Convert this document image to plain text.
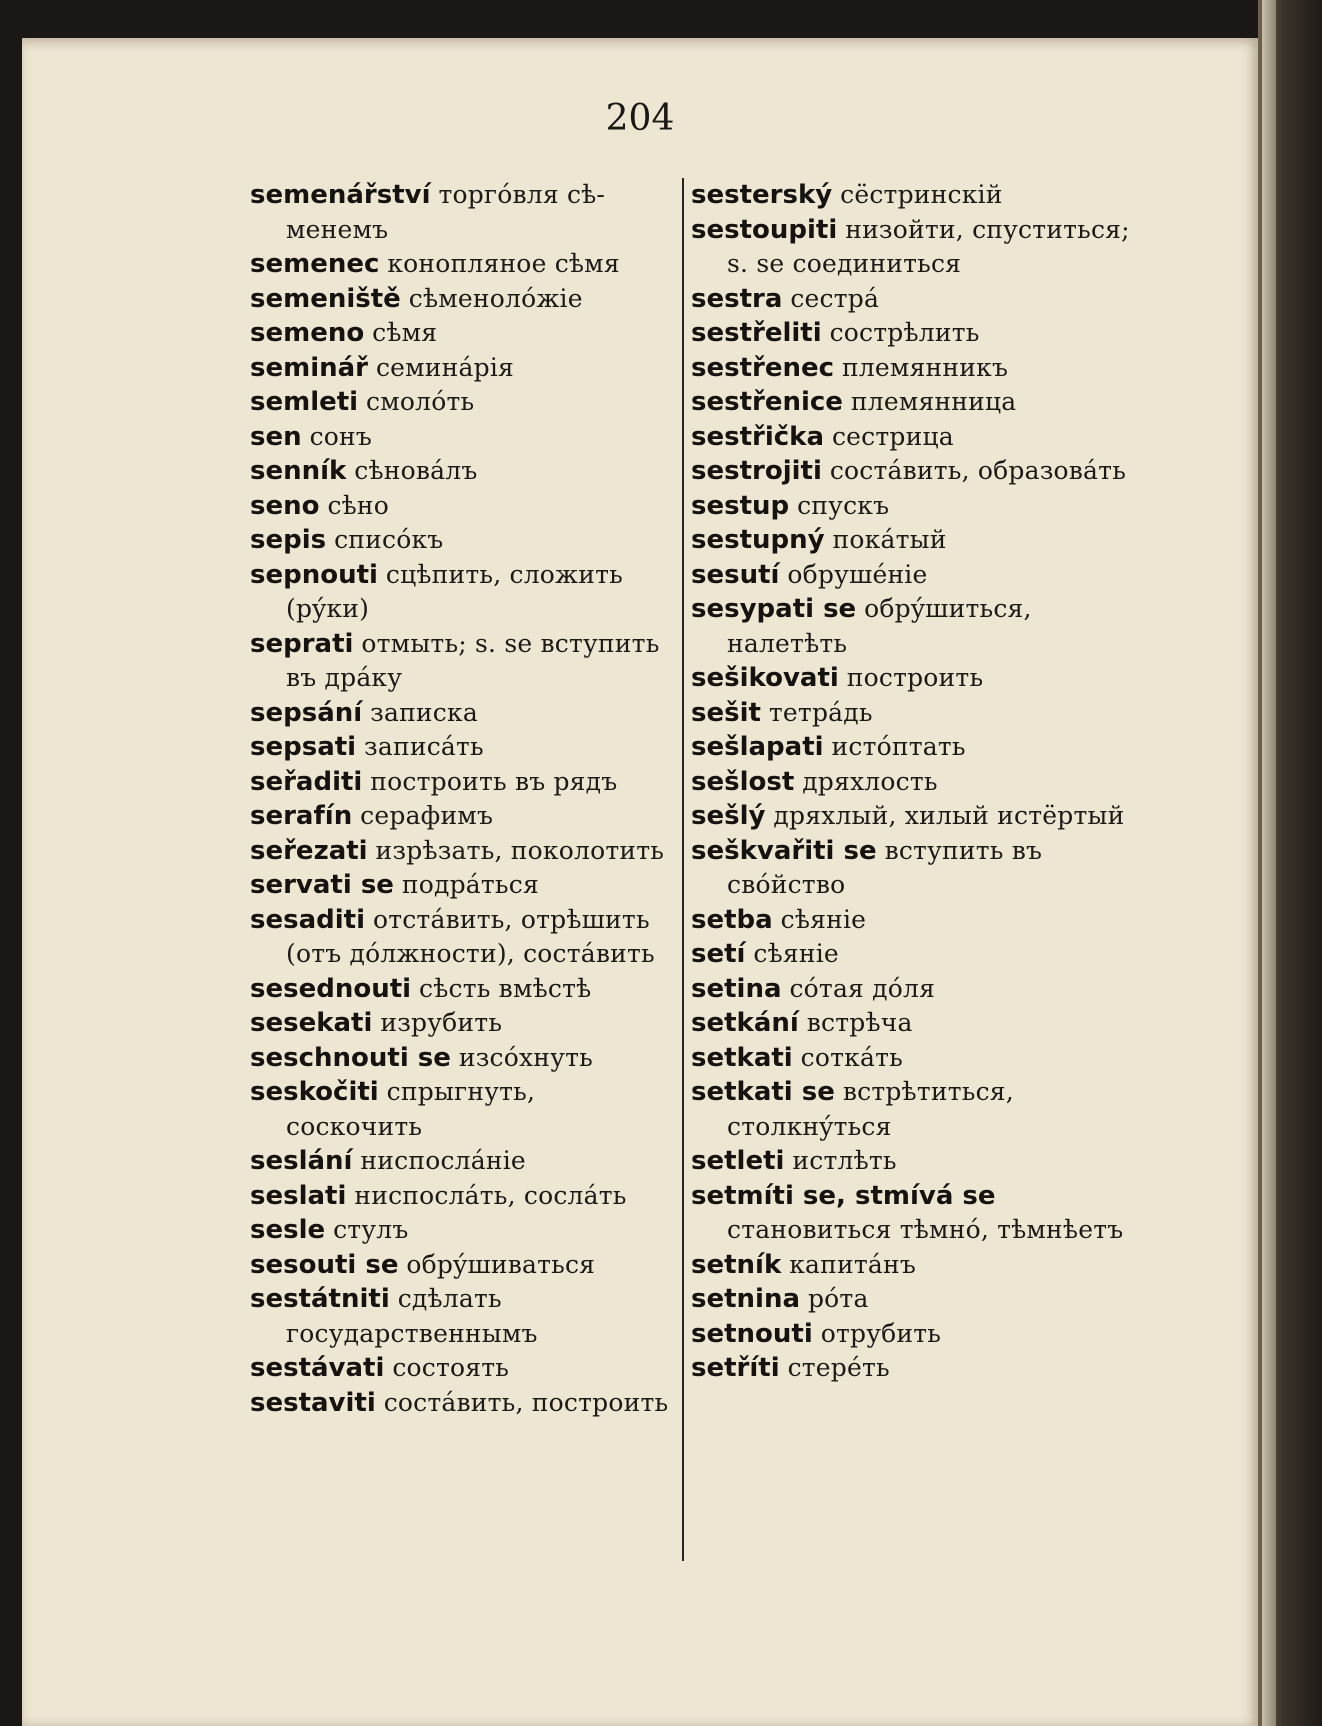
204
semenářství торгóвля сѣ-менемъ
semenec конопляное сѣмя
semeniště сѣменолóжіе
semeno сѣмя
seminář семинáрія
semleti смолóть
sen сонъ
senník сѣновáлъ
seno сѣно
sepis списóкъ
sepnouti сцѣпить, сложить (рýки)
seprati отмыть; s. se вступить въ дрáку
sepsání запиcка
sepsati записáть
seřaditi построить въ рядъ
serafín серафимъ
seřezati изрѣзать, поколотить
servati se подрáться
sesaditi отстáвить, отрѣшить (отъ дóлжности), состáвить
sesednouti сѣсть вмѣстѣ
sesekati изрубить
seschnouti se изсóхнуть
seskočiti спрыгнуть, соскочить
seslání ниспослáніе
seslati ниспослáть, сослáть
sesle стулъ
sesouti se обрýшиваться
sestátniti сдѣлать государственнымъ
sestávati состоять
sestaviti состáвить, построить
sesterský сёстринскій
sestoupiti низойти, спуститься; s. se соединиться
sestra сестрá
sestřeliti сострѣлить
sestřenec племянникъ
sestřenice племянница
sestřička сестрица
sestrojiti состáвить, образовáть
sestup спускъ
sestupný покáтый
sesutí обрушéніе
sesypati se обрýшиться, налетѣть
sešikovati построить
sešit тетрáдь
sešlapati истóптать
sešlost дряхлость
sešlý дряхлый, хилый истёртый
seškvařiti se вступить въ свóйство
setba сѣяніе
setí сѣяніе
setina сóтая дóля
setkání встрѣча
setkati соткáть
setkati se встрѣтиться, столкнýться
setleti истлѣть
setmíti se, stmívá se становиться тѣмнó, тѣмнѣетъ
setník капитáнъ
setnina рóта
setnouti отрубить
setříti стерéть
